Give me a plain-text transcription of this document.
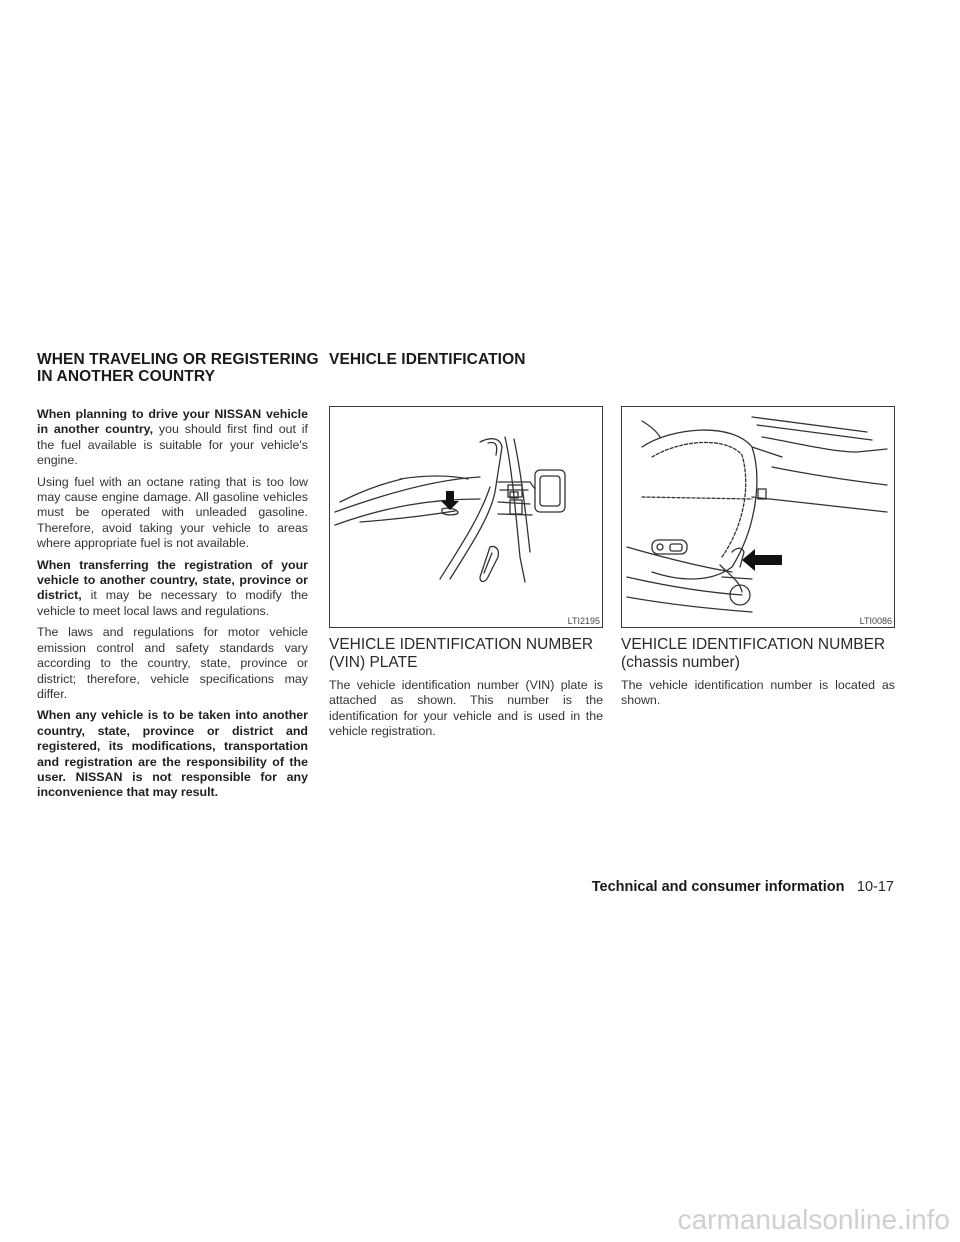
WHEN TRAVELING OR REGISTERING

IN ANOTHER COUNTRY

VEHICLE IDENTIFICATION

When planning to drive your NISSAN vehicle in another country, you should first find out if the fuel available is suitable for your vehicle's engine.

Using fuel with an octane rating that is too low may cause engine damage. All gasoline vehicles must be operated with unleaded gasoline. Therefore, avoid taking your vehicle to areas where appropriate fuel is not available.

When transferring the registration of your vehicle to another country, state, province or district, it may be necessary to modify the vehicle to meet local laws and regulations.

The laws and regulations for motor vehicle emission control and safety standards vary according to the country, state, province or district; therefore, vehicle specifications may differ.

When any vehicle is to be taken into another country, state, province or district and registered, its modifications, transportation and registration are the responsibility of the user. NISSAN is not responsible for any inconvenience that may result.

LTI2195	LTI0086

VEHICLE IDENTIFICATION NUMBER

(VIN) PLATE

The vehicle identification number (VIN) plate is attached as shown. This number is the identification for your vehicle and is used in the vehicle registration.

VEHICLE IDENTIFICATION NUMBER

(chassis number)

The vehicle identification number is located as shown.

Technical and consumer information 10-17
carmanualsonline.info
